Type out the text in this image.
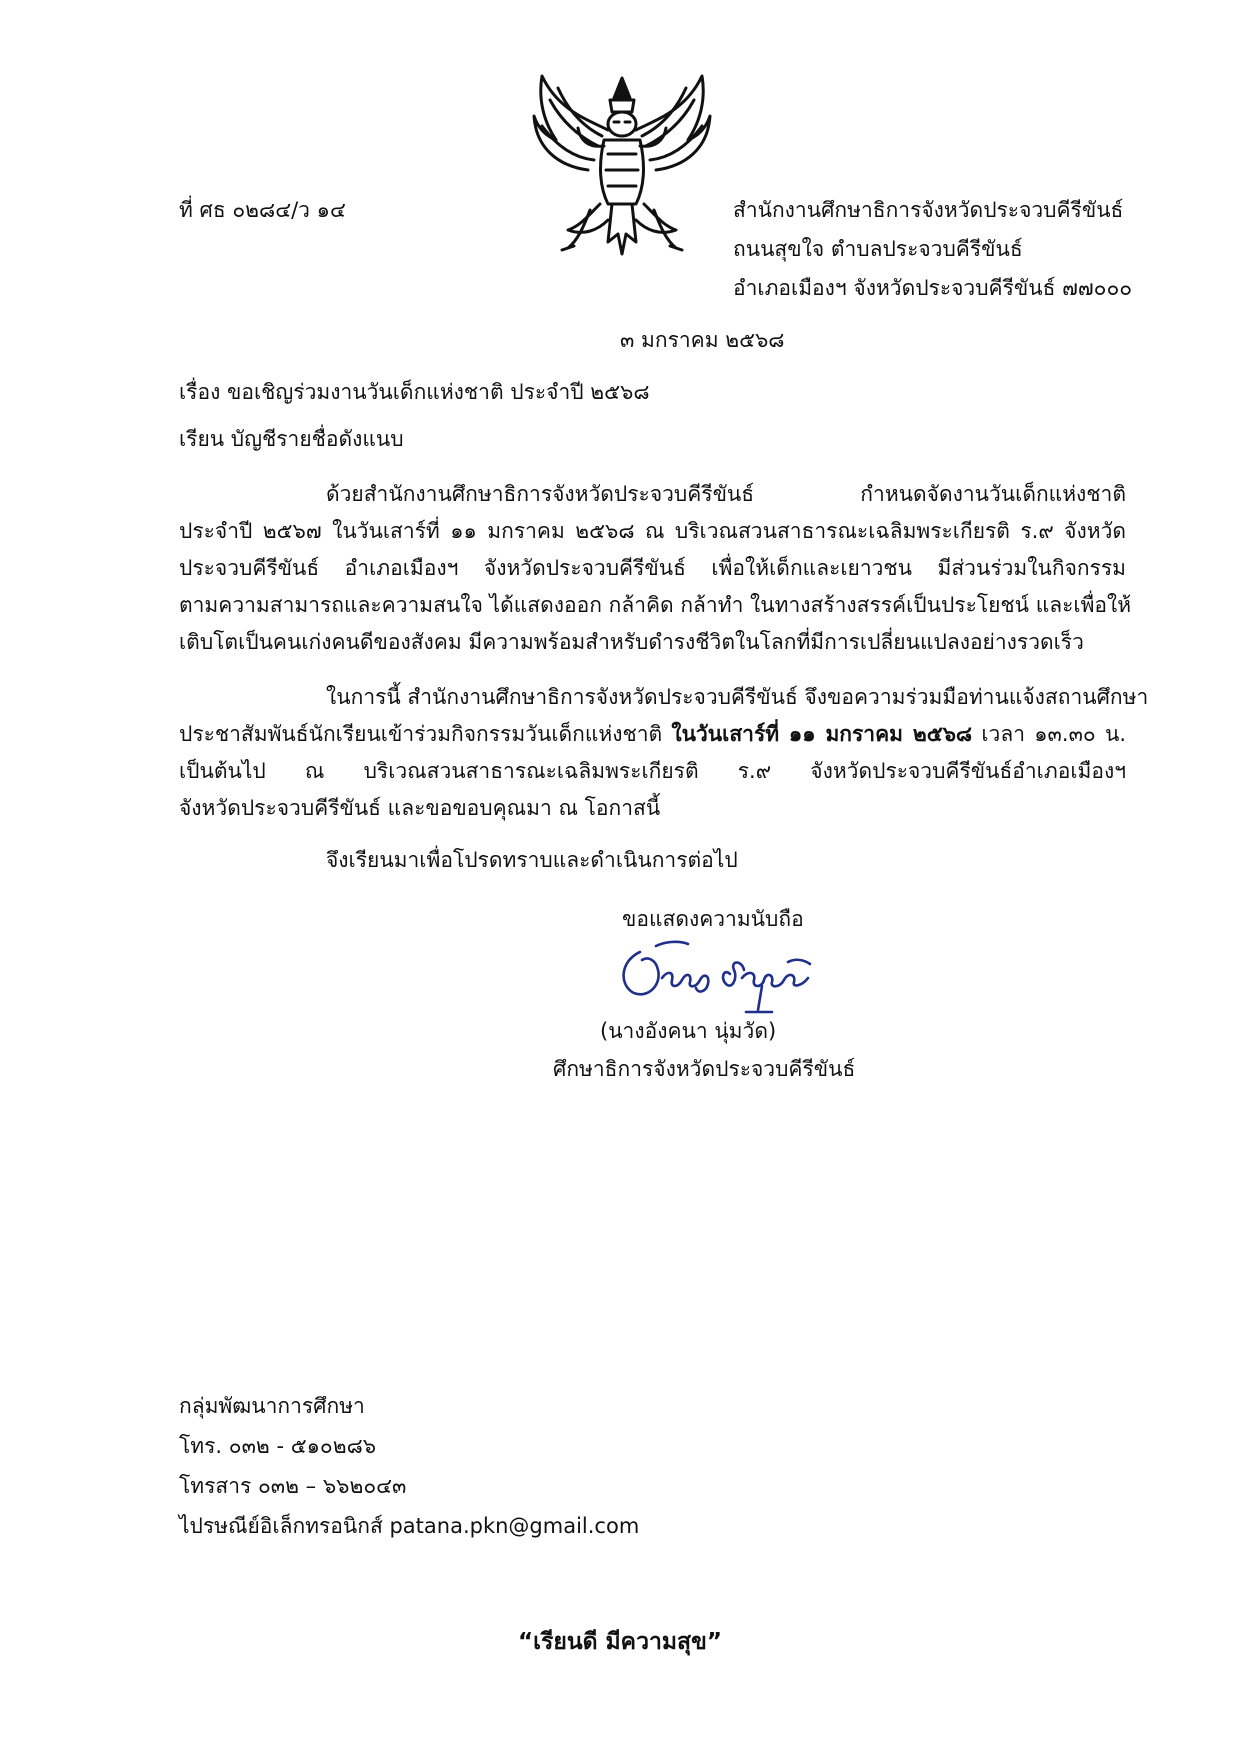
ที่ ศธ ๐๒๘๔/ว ๑๔	สำนักงานศึกษาธิการจังหวัดประจวบคีรีขันธ์
ถนนสุขใจ ตำบลประจวบคีรีขันธ์
อำเภอเมืองฯ จังหวัดประจวบคีรีขันธ์ ๗๗๐๐๐
๓ มกราคม ๒๕๖๘
เรื่อง ขอเชิญร่วมงานวันเด็กแห่งชาติ ประจำปี ๒๕๖๘
เรียน บัญชีรายชื่อดังแนบ
ด้วยสำนักงานศึกษาธิการจังหวัดประจวบคีรีขันธ์ กำหนดจัดงานวันเด็กแห่งชาติ
ประจำปี ๒๕๖๗ ในวันเสาร์ที่ ๑๑ มกราคม ๒๕๖๘ ณ บริเวณสวนสาธารณะเฉลิมพระเกียรติ ร.๙ จังหวัด
ประจวบคีรีขันธ์ อำเภอเมืองฯ จังหวัดประจวบคีรีขันธ์ เพื่อให้เด็กและเยาวชน มีส่วนร่วมในกิจกรรม
ตามความสามารถและความสนใจ ได้แสดงออก กล้าคิด กล้าทำ ในทางสร้างสรรค์เป็นประโยชน์ และเพื่อให้
เติบโตเป็นคนเก่งคนดีของสังคม มีความพร้อมสำหรับดำรงชีวิตในโลกที่มีการเปลี่ยนแปลงอย่างรวดเร็ว
ในการนี้ สำนักงานศึกษาธิการจังหวัดประจวบคีรีขันธ์ จึงขอความร่วมมือท่านแจ้งสถานศึกษา
ประชาสัมพันธ์นักเรียนเข้าร่วมกิจกรรมวันเด็กแห่งชาติ ในวันเสาร์ที่ ๑๑ มกราคม ๒๕๖๘ เวลา ๑๓.๓๐ น.
เป็นต้นไป ณ บริเวณสวนสาธารณะเฉลิมพระเกียรติ ร.๙ จังหวัดประจวบคีรีขันธ์อำเภอเมืองฯ
จังหวัดประจวบคีรีขันธ์ และขอขอบคุณมา ณ โอกาสนี้
จึงเรียนมาเพื่อโปรดทราบและดำเนินการต่อไป
ขอแสดงความนับถือ
(นางอังคนา นุ่มวัด)
ศึกษาธิการจังหวัดประจวบคีรีขันธ์
กลุ่มพัฒนาการศึกษา
โทร. ๐๓๒ - ๕๑๐๒๘๖
โทรสาร ๐๓๒ – ๖๖๒๐๔๓
ไปรษณีย์อิเล็กทรอนิกส์ patana.pkn@gmail.com
“เรียนดี มีความสุข”
